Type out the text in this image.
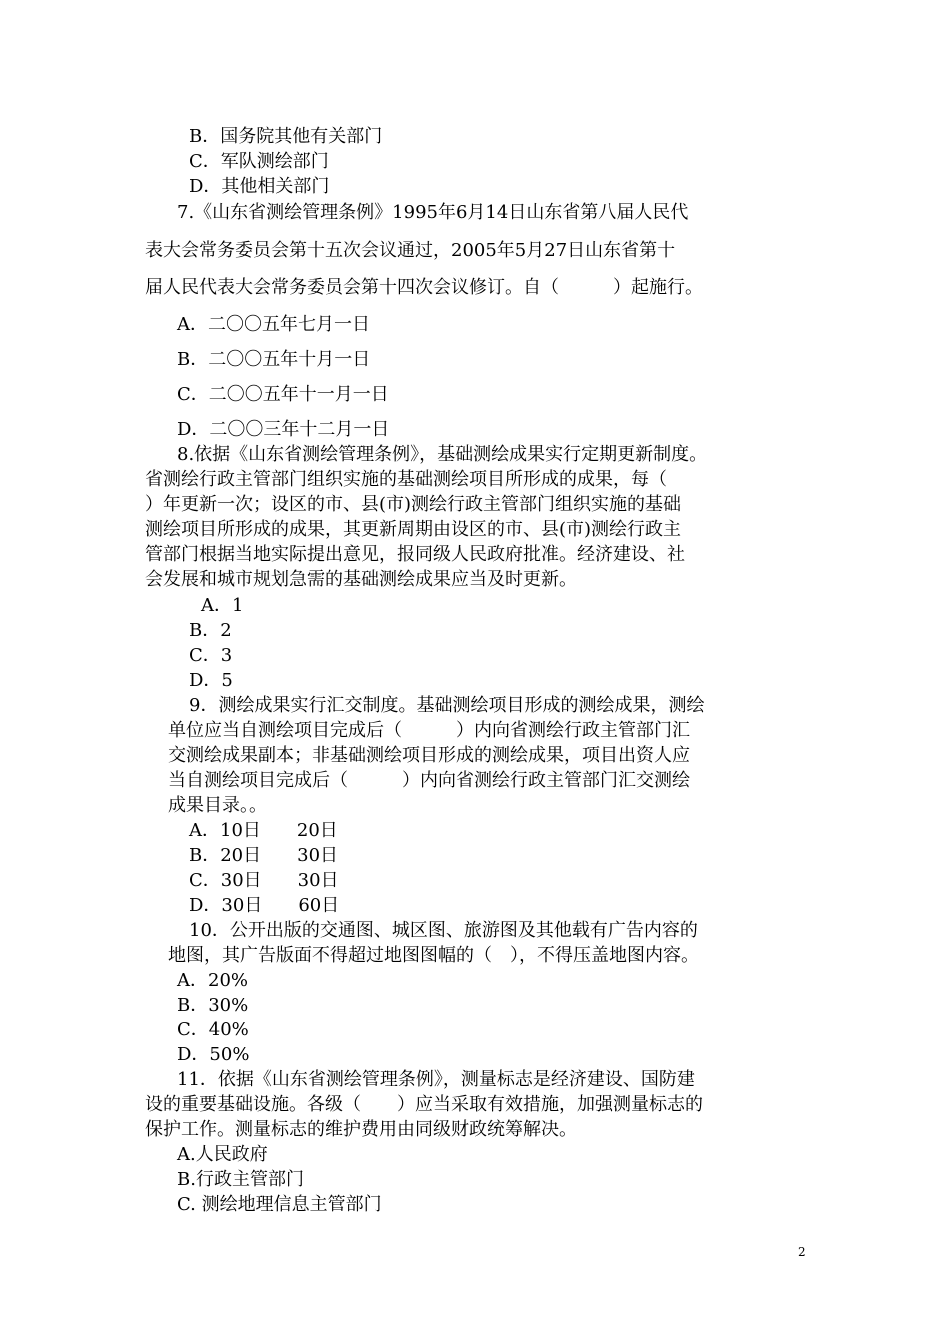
B．国务院其他有关部门
C．军队测绘部门
D．其他相关部门
7.《山东省测绘管理条例》1995年6月14日山东省第八届人民代
表大会常务委员会第十五次会议通过，2005年5月27日山东省第十
届人民代表大会常务委员会第十四次会议修订。自（　　　）起施行。
A．二〇〇五年七月一日
B．二〇〇五年十月一日
C．二〇〇五年十一月一日
D．二〇〇三年十二月一日
8.依据《山东省测绘管理条例》，基础测绘成果实行定期更新制度。
省测绘行政主管部门组织实施的基础测绘项目所形成的成果，每（
）年更新一次；设区的市、县(市)测绘行政主管部门组织实施的基础
测绘项目所形成的成果，其更新周期由设区的市、县(市)测绘行政主
管部门根据当地实际提出意见，报同级人民政府批准。经济建设、社
会发展和城市规划急需的基础测绘成果应当及时更新。
A．1
B．2
C．3
D．5
9．测绘成果实行汇交制度。基础测绘项目形成的测绘成果，测绘
单位应当自测绘项目完成后（　　　）内向省测绘行政主管部门汇
交测绘成果副本；非基础测绘项目形成的测绘成果，项目出资人应
当自测绘项目完成后（　　　）内向省测绘行政主管部门汇交测绘
成果目录。。
A．10日　　20日
B．20日　　30日
C．30日　　30日
D．30日　　60日
10．公开出版的交通图、城区图、旅游图及其他载有广告内容的
地图，其广告版面不得超过地图图幅的（　），不得压盖地图内容。
A．20%
B．30%
C．40%
D．50%
11．依据《山东省测绘管理条例》，测量标志是经济建设、国防建
设的重要基础设施。各级（　　）应当采取有效措施，加强测量标志的
保护工作。测量标志的维护费用由同级财政统筹解决。
A.人民政府
B.行政主管部门
C. 测绘地理信息主管部门
2
